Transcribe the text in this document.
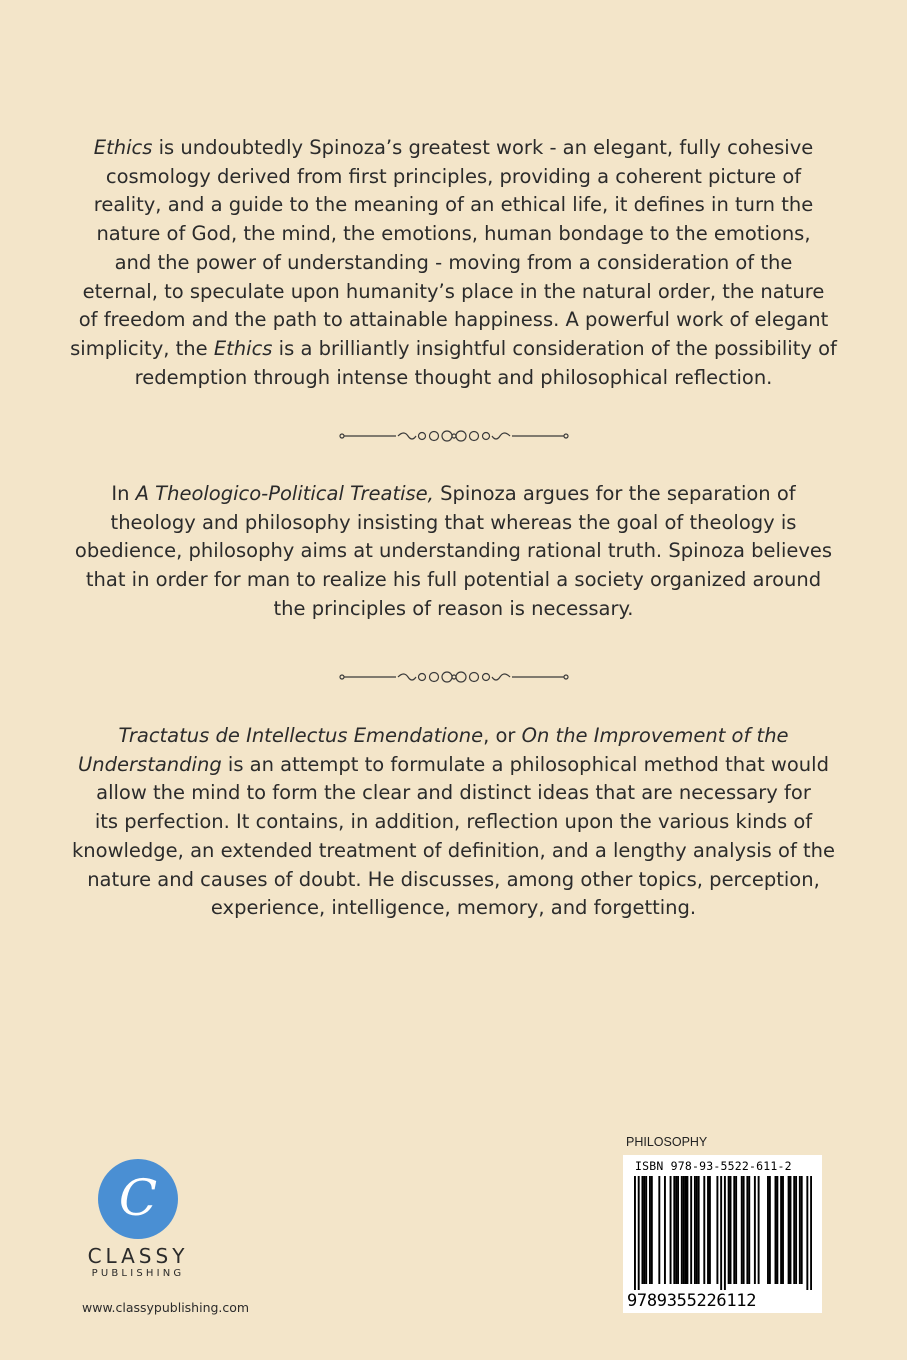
Ethics is undoubtedly Spinoza’s greatest work - an elegant, fully cohesive
cosmology derived from first principles, providing a coherent picture of
reality, and a guide to the meaning of an ethical life, it defines in turn the
nature of God, the mind, the emotions, human bondage to the emotions,
and the power of understanding - moving from a consideration of the
eternal, to speculate upon humanity’s place in the natural order, the nature
of freedom and the path to attainable happiness. A powerful work of elegant
simplicity, the Ethics is a brilliantly insightful consideration of the possibility of
redemption through intense thought and philosophical reflection.
In A Theologico-Political Treatise, Spinoza argues for the separation of
theology and philosophy insisting that whereas the goal of theology is
obedience, philosophy aims at understanding rational truth. Spinoza believes
that in order for man to realize his full potential a society organized around
the principles of reason is necessary.
Tractatus de Intellectus Emendatione, or On the Improvement of the
Understanding is an attempt to formulate a philosophical method that would
allow the mind to form the clear and distinct ideas that are necessary for
its perfection. It contains, in addition, reflection upon the various kinds of
knowledge, an extended treatment of definition, and a lengthy analysis of the
nature and causes of doubt. He discusses, among other topics, perception,
experience, intelligence, memory, and forgetting.
C
CLASSY
PUBLISHING
www.classypublishing.com
PHILOSOPHY
ISBN 978-93-5522-611-2
9789355226112
